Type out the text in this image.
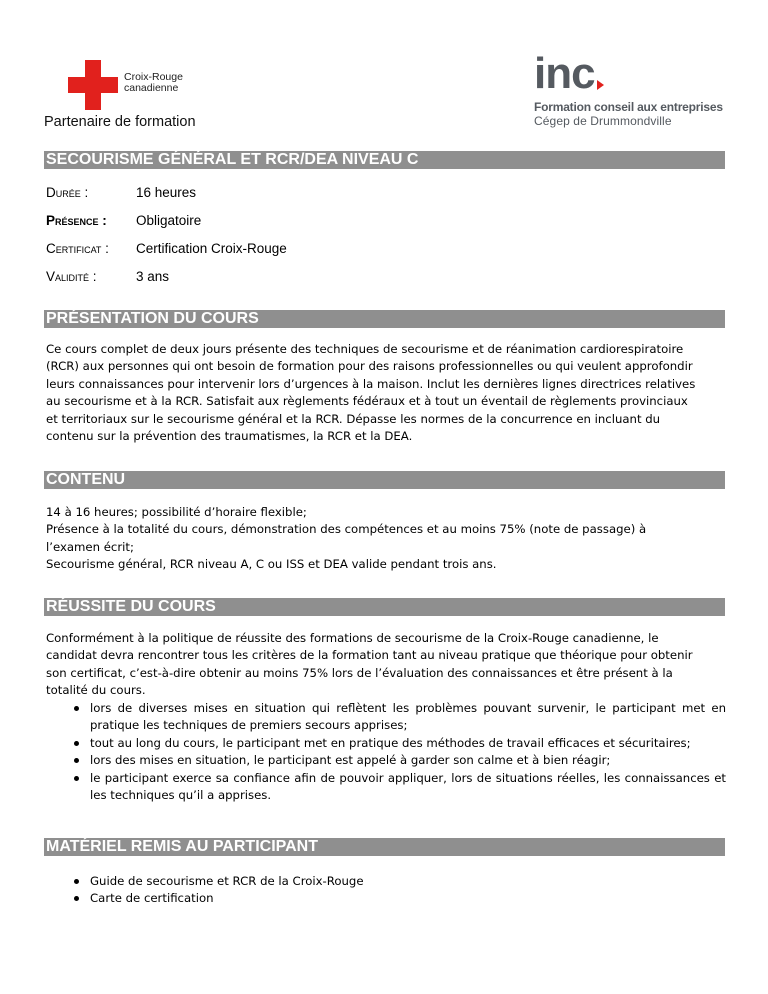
Croix-Rouge
canadienne
Partenaire de formation
inc
Formation conseil aux entreprises
Cégep de Drummondville
SECOURISME GÉNÉRAL ET RCR/DEA NIVEAU C
Durée :	16 heures
Présence :	Obligatoire
Certificat :	Certification Croix-Rouge
Validité :	3 ans
PRÉSENTATION DU COURS
Ce cours complet de deux jours présente des techniques de secourisme et de réanimation cardiorespiratoire
(RCR) aux personnes qui ont besoin de formation pour des raisons professionnelles ou qui veulent approfondir
leurs connaissances pour intervenir lors d’urgences à la maison. Inclut les dernières lignes directrices relatives
au secourisme et à la RCR. Satisfait aux règlements fédéraux et à tout un éventail de règlements provinciaux
et territoriaux sur le secourisme général et la RCR. Dépasse les normes de la concurrence en incluant du
contenu sur la prévention des traumatismes, la RCR et la DEA.
CONTENU
14 à 16 heures; possibilité d’horaire flexible;
Présence à la totalité du cours, démonstration des compétences et au moins 75% (note de passage) à
l’examen écrit;
Secourisme général, RCR niveau A, C ou ISS et DEA valide pendant trois ans.
RÉUSSITE DU COURS
Conformément à la politique de réussite des formations de secourisme de la Croix-Rouge canadienne, le
candidat devra rencontrer tous les critères de la formation tant au niveau pratique que théorique pour obtenir
son certificat, c’est-à-dire obtenir au moins 75% lors de l’évaluation des connaissances et être présent à la
totalité du cours.
lors de diverses mises en situation qui reflètent les problèmes pouvant survenir, le participant met en pratique les techniques de premiers secours apprises;
tout au long du cours, le participant met en pratique des méthodes de travail efficaces et sécuritaires;
lors des mises en situation, le participant est appelé à garder son calme et à bien réagir;
le participant exerce sa confiance afin de pouvoir appliquer, lors de situations réelles, les connaissances et les techniques qu’il a apprises.
MATÉRIEL REMIS AU PARTICIPANT
Guide de secourisme et RCR de la Croix-Rouge
Carte de certification
